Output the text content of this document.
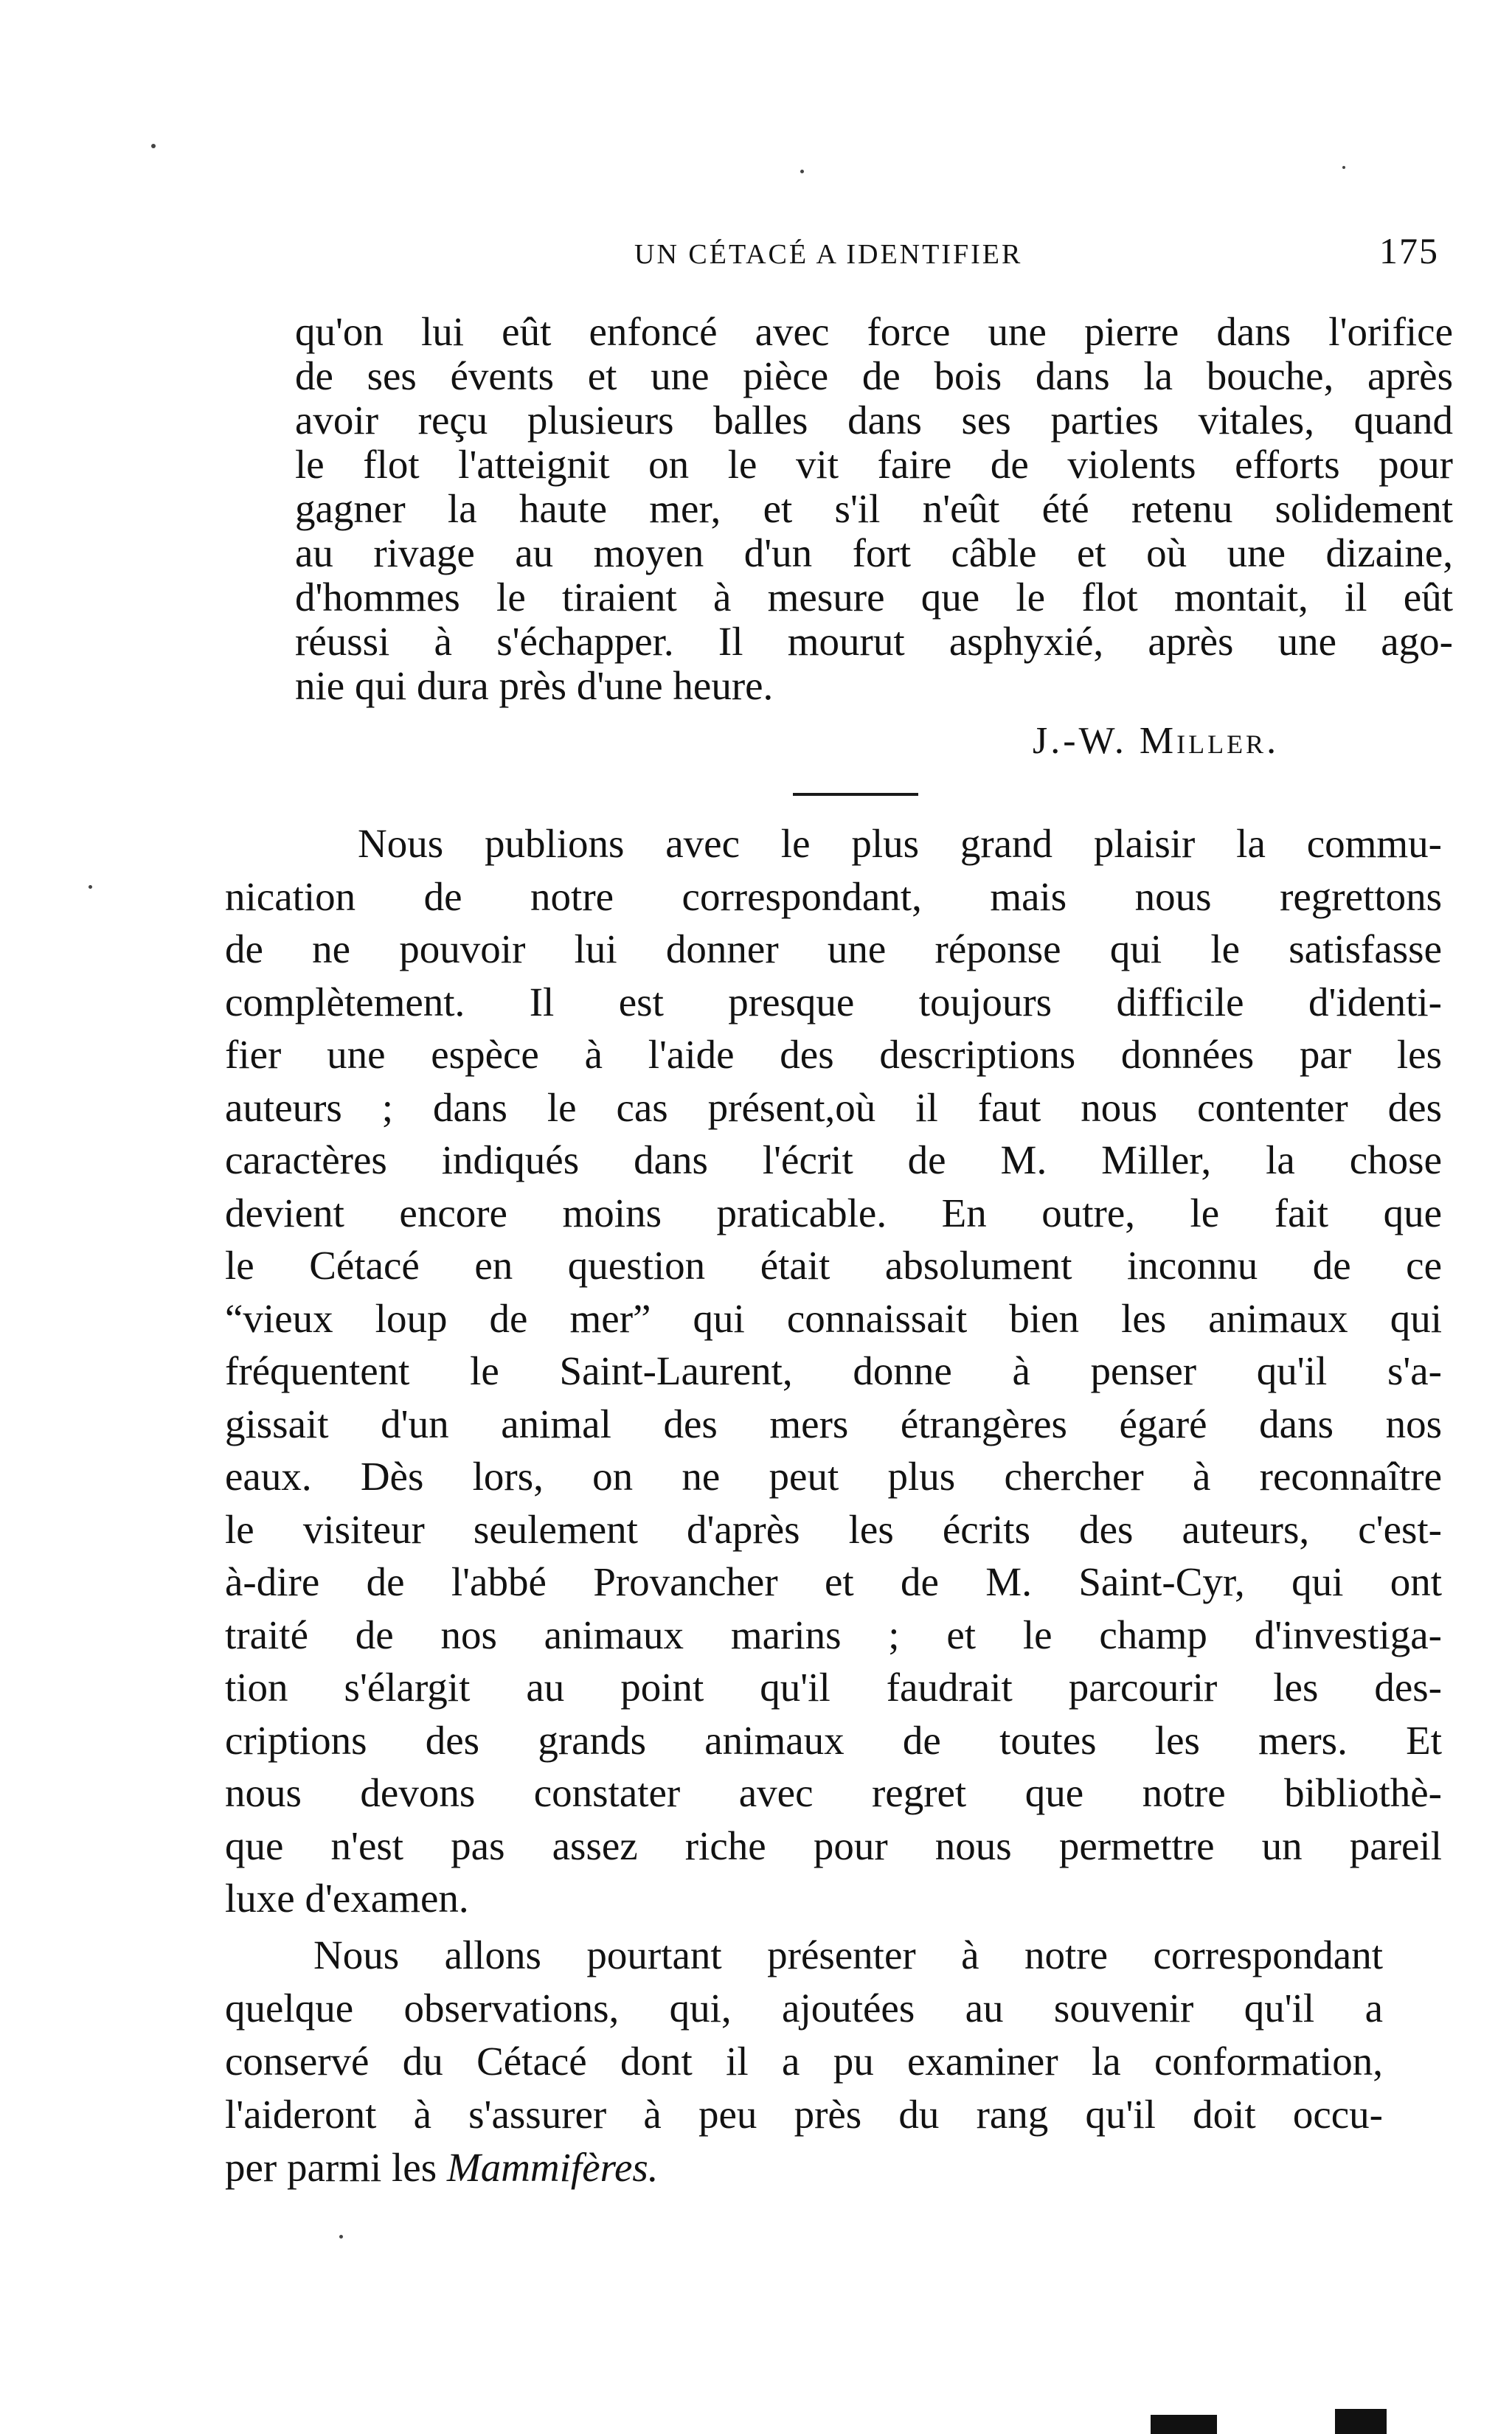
UN CÉTACÉ A IDENTIFIER	175
qu'on lui eût enfoncé avec force une pierre dans l'orifice
de ses évents et une pièce de bois dans la bouche, après
avoir reçu plusieurs balles dans ses parties vitales, quand
le flot l'atteignit on le vit faire de violents efforts pour
gagner la haute mer, et s'il n'eût été retenu solidement
au rivage au moyen d'un fort câble et où une dizaine,
d'hommes le tiraient à mesure que le flot montait, il eût
réussi à s'échapper. Il mourut asphyxié, après une ago-
nie qui dura près d'une heure.
J.-W. Miller.
Nous publions avec le plus grand plaisir la commu-
nication de notre correspondant, mais nous regrettons
de ne pouvoir lui donner une réponse qui le satisfasse
complètement. Il est presque toujours difficile d'identi-
fier une espèce à l'aide des descriptions données par les
auteurs ; dans le cas présent,où il faut nous contenter des
caractères indiqués dans l'écrit de M. Miller, la chose
devient encore moins praticable. En outre, le fait que
le Cétacé en question était absolument inconnu de ce
“vieux loup de mer” qui connaissait bien les animaux qui
fréquentent le Saint-Laurent, donne à penser qu'il s'a-
gissait d'un animal des mers étrangères égaré dans nos
eaux. Dès lors, on ne peut plus chercher à reconnaître
le visiteur seulement d'après les écrits des auteurs, c'est-
à-dire de l'abbé Provancher et de M. Saint-Cyr, qui ont
traité de nos animaux marins ; et le champ d'investiga-
tion s'élargit au point qu'il faudrait parcourir les des-
criptions des grands animaux de toutes les mers. Et
nous devons constater avec regret que notre bibliothè-
que n'est pas assez riche pour nous permettre un pareil
luxe d'examen.
Nous allons pourtant présenter à notre correspondant
quelque observations, qui, ajoutées au souvenir qu'il a
conservé du Cétacé dont il a pu examiner la conformation,
l'aideront à s'assurer à peu près du rang qu'il doit occu-
per parmi les Mammifères.
